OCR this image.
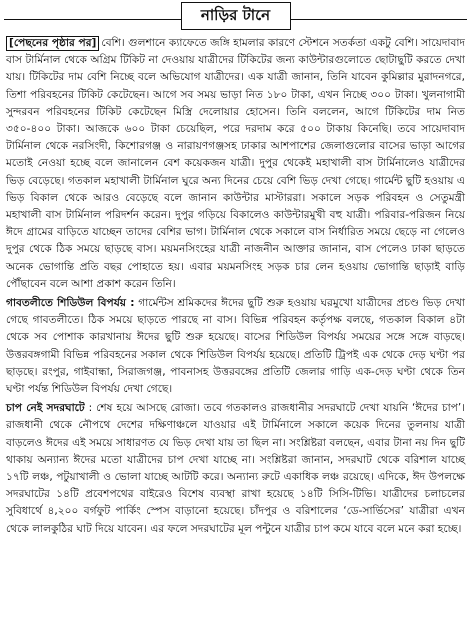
নাড়ির টানে

[পেছনের পৃষ্ঠার পর] বেশি। গুলশানে ক্যাফেতে জঙ্গি হামলার কারণে স্টেশনে সতর্কতা একটু বেশি। সায়েদাবাদ বাস টার্মিনাল থেকে অগ্রিম টিকিট না দেওয়ায় যাত্রীদের টিকিটের জন্য কাউন্টারগুলোতে ছোটাছুটি করতে দেখা যায়। টিকিটের দাম বেশি নিচ্ছে বলে অভিযোগ যাত্রীদের। এক যাত্রী জানান, তিনি যাবেন কুমিল্লার মুরাদনগরে, তিশা পরিবহনের টিকিট কেটেছেন। আগে সব সময় ভাড়া নিত ১৮০ টাকা, এখন নিচ্ছে ৩০০ টাকা। খুলনাগামী সুন্দরবন পরিবহনের টিকিট কেটেছেন মিস্ত্রি দেলোয়ার হোসেন। তিনি বললেন, আগে টিকিটের দাম নিত ৩৫০-৪০০ টাকা। আজকে ৬০০ টাকা চেয়েছিল, পরে দরদাম করে ৫০০ টাকায় কিনেছি। তবে সায়েদাবাদ টার্মিনাল থেকে নরসিংদী, কিশোরগঞ্জ ও নারায়ণগঞ্জসহ ঢাকার আশপাশের জেলাগুলোর বাসের ভাড়া আগের মতোই নেওয়া হচ্ছে বলে জানালেন বেশ কয়েকজন যাত্রী। দুপুর থেকেই মহাখালী বাস টার্মিনালেও যাত্রীদের ভিড় বেড়েছে। গতকাল মহাখালী টার্মিনাল ঘুরে অন্য দিনের চেয়ে বেশি ভিড় দেখা গেছে। গার্মেন্ট ছুটি হওয়ায় এ ভিড় বিকাল থেকে আরও বেড়েছে বলে জানান কাউন্টার মাস্টাররা। সকালে সড়ক পরিবহন ও সেতুমন্ত্রী মহাখালী বাস টার্মিনাল পরিদর্শন করেন। দুপুর গড়িয়ে বিকালেও কাউন্টারমুখী বহু যাত্রী। পরিবার-পরিজন নিয়ে ঈদে গ্রামের বাড়িতে যাচ্ছেন তাদের বেশির ভাগ। টার্মিনাল থেকে সকালে বাস নির্ধারিত সময়ে ছেড়ে না গেলেও দুপুর থেকে ঠিক সময়ে ছাড়ছে বাস। ময়মনসিংহের যাত্রী নাজনীন আক্তার জানান, বাস পেলেও ঢাকা ছাড়তে অনেক ভোগান্তি প্রতি বছর পোহাতে হয়। এবার ময়মনসিংহ সড়ক চার লেন হওয়ায় ভোগান্তি ছাড়াই বাড়ি পৌঁছাবেন বলে আশা প্রকাশ করেন তিনি।

গাবতলীতে শিডিউল বিপর্যয় : গার্মেন্টস শ্রমিকদের ঈদের ছুটি শুরু হওয়ায় ঘরমুখো যাত্রীদের প্রচণ্ড ভিড় দেখা গেছে গাবতলীতে। ঠিক সময়ে ছাড়তে পারছে না বাস। বিভিন্ন পরিবহন কর্তৃপক্ষ বলছে, গতকাল বিকাল ৪টা থেকে সব পোশাক কারখানায় ঈদের ছুটি শুরু হয়েছে। বাসের শিডিউল বিপর্যয় সময়ের সঙ্গে সঙ্গে বাড়ছে। উত্তরবঙ্গগামী বিভিন্ন পরিবহনের সকাল থেকে শিডিউল বিপর্যয় হয়েছে। প্রতিটি ট্রিপই এক থেকে দেড় ঘণ্টা পর ছাড়ছে। রংপুর, গাইবান্ধা, সিরাজগঞ্জ, পাবনাসহ উত্তরবঙ্গের প্রতিটি জেলার গাড়ি এক-দেড় ঘণ্টা থেকে তিন ঘণ্টা পর্যন্ত শিডিউল বিপর্যয় দেখা গেছে।

চাপ নেই সদরঘাটে : শেষ হয়ে আসছে রোজা। তবে গতকালও রাজধানীর সদরঘাটে দেখা যায়নি ‘ঈদের চাপ’। রাজধানী থেকে নৌপথে দেশের দক্ষিণাঞ্চলে যাওয়ার এই টার্মিনালে সকালে কয়েক দিনের তুলনায় যাত্রী বাড়লেও ঈদের এই সময়ে সাধারণত যে ভিড় দেখা যায় তা ছিল না। সংশ্লিষ্টরা বলছেন, এবার টানা নয় দিন ছুটি থাকায় অন্যান্য ঈদের মতো যাত্রীদের চাপ দেখা যাচ্ছে না। সংশ্লিষ্টরা জানান, সদরঘাট থেকে বরিশাল যাচ্ছে ১৭টি লঞ্চ, পটুয়াখালী ও ভোলা যাচ্ছে আটটি করে। অন্যান্য রুটে একাধিক লঞ্চ রয়েছে। এদিকে, ঈদ উপলক্ষে সদরঘাটের ১৪টি প্রবেশপথের বাইরেও বিশেষ ব্যবস্থা রাখা হয়েছে ১৪টি সিসি-টিভি। যাত্রীদের চলাচলের সুবিধার্থে ৪,২০০ বর্গফুট পার্কিং স্পেস বাড়ানো হয়েছে। চাঁদপুর ও বরিশালের ‘ডে-সার্ভিসের’ যাত্রীরা এখন থেকে লালকুঠির ঘাট দিয়ে যাবেন। এর ফলে সদরঘাটের মূল পন্টুনে যাত্রীর চাপ কমে যাবে বলে মনে করা হচ্ছে।
